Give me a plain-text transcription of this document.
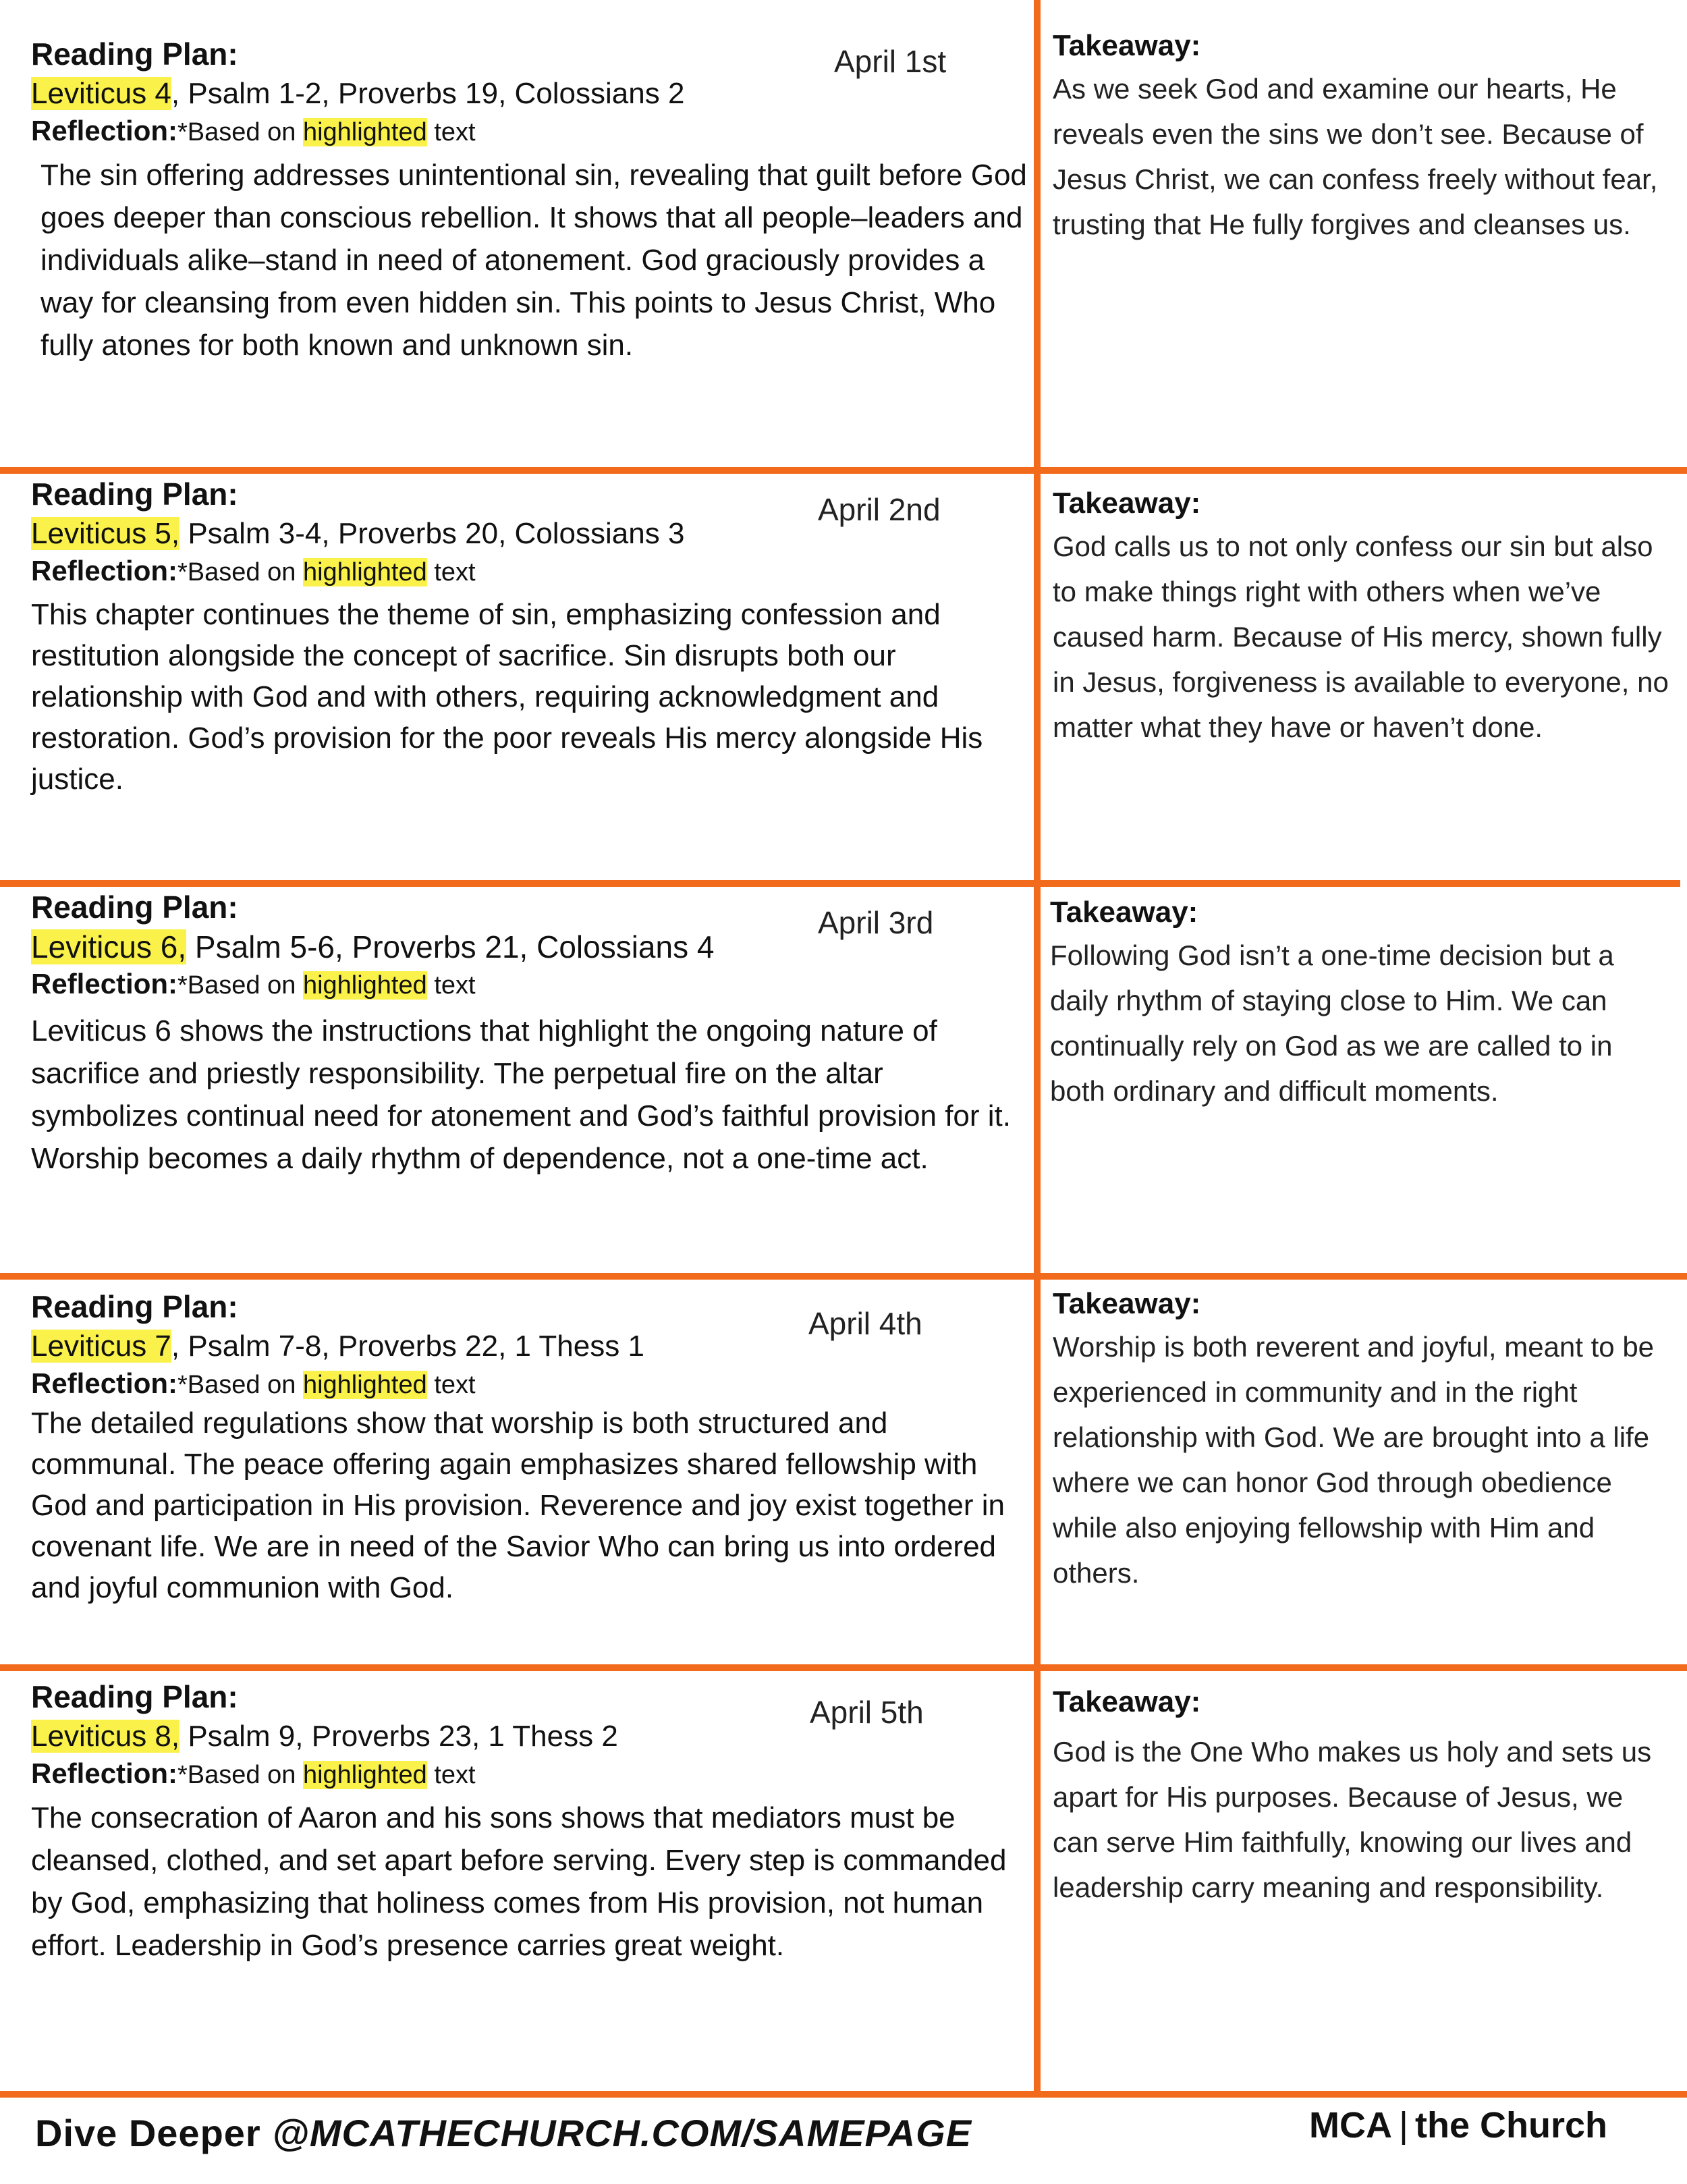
Reading Plan:

Leviticus 4, Psalm 1-2, Proverbs 19, Colossians 2

Reflection:*Based on highlighted text

The sin offering addresses unintentional sin, revealing that guilt before God goes deeper than conscious rebellion. It shows that all people–leaders and individuals alike–stand in need of atonement. God graciously provides a way for cleansing from even hidden sin. This points to Jesus Christ, Who fully atones for both known and unknown sin.

April 1st	Takeaway:

As we seek God and examine our hearts, He reveals even the sins we don’t see. Because of Jesus Christ, we can confess freely without fear, trusting that He fully forgives and cleanses us.

Reading Plan:

Leviticus 5, Psalm 3-4, Proverbs 20, Colossians 3

Reflection:*Based on highlighted text

This chapter continues the theme of sin, emphasizing confession and restitution alongside the concept of sacrifice. Sin disrupts both our relationship with God and with others, requiring acknowledgment and restoration. God’s provision for the poor reveals His mercy alongside His justice.

April 2nd	Takeaway:

God calls us to not only confess our sin but also to make things right with others when we’ve caused harm. Because of His mercy, shown fully in Jesus, forgiveness is available to everyone, no matter what they have or haven’t done.

Reading Plan:

Leviticus 6, Psalm 5-6, Proverbs 21, Colossians 4

Reflection:*Based on highlighted text

Leviticus 6 shows the instructions that highlight the ongoing nature of sacrifice and priestly responsibility. The perpetual fire on the altar symbolizes continual need for atonement and God’s faithful provision for it. Worship becomes a daily rhythm of dependence, not a one-time act.

April 3rd	Takeaway:

Following God isn’t a one-time decision but a daily rhythm of staying close to Him. We can continually rely on God as we are called to in both ordinary and difficult moments.

Reading Plan:

Leviticus 7, Psalm 7-8, Proverbs 22, 1 Thess 1

Reflection:*Based on highlighted text

The detailed regulations show that worship is both structured and communal. The peace offering again emphasizes shared fellowship with God and participation in His provision. Reverence and joy exist together in covenant life. We are in need of the Savior Who can bring us into ordered and joyful communion with God.

April 4th

Takeaway:

Worship is both reverent and joyful, meant to be experienced in community and in the right relationship with God. We are brought into a life where we can honor God through obedience while also enjoying fellowship with Him and others.

Reading Plan:

Leviticus 8, Psalm 9, Proverbs 23, 1 Thess 2

Reflection:*Based on highlighted text

The consecration of Aaron and his sons shows that mediators must be cleansed, clothed, and set apart before serving. Every step is commanded by God, emphasizing that holiness comes from His provision, not human effort. Leadership in God’s presence carries great weight.

April 5th	Takeaway:

God is the One Who makes us holy and sets us apart for His purposes. Because of Jesus, we can serve Him faithfully, knowing our lives and leadership carry meaning and responsibility.

Dive Deeper @MCATHECHURCH.COM/SAMEPAGE	MCA | the Church
